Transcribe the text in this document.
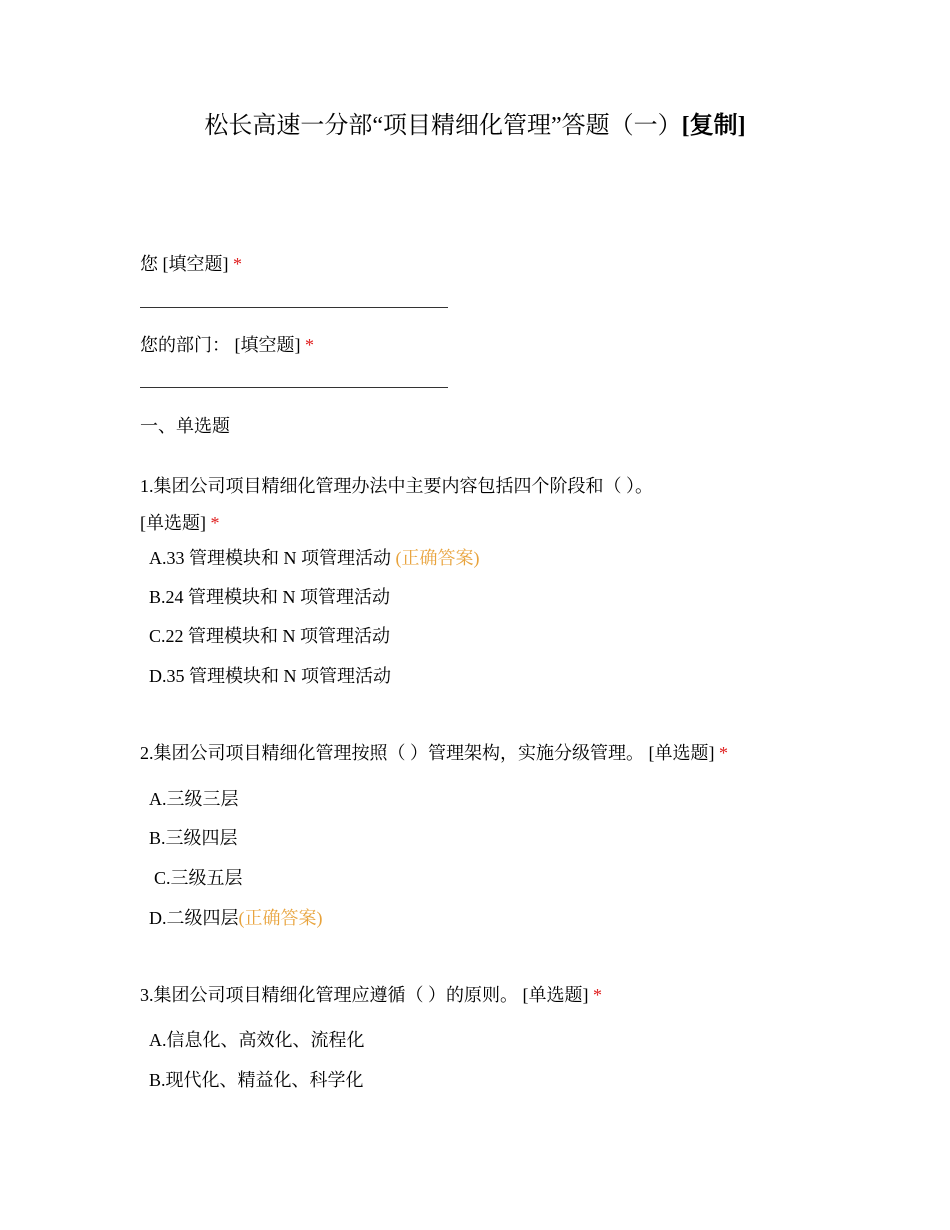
松长高速一分部“项目精细化管理”答题（一）[复制]
您 [填空题] *
您的部门： [填空题] *
一、单选题
1.集团公司项目精细化管理办法中主要内容包括四个阶段和（ ）。
[单选题] *
A.33 管理模块和 N 项管理活动 (正确答案)
B.24 管理模块和 N 项管理活动
C.22 管理模块和 N 项管理活动
D.35 管理模块和 N 项管理活动
2.集团公司项目精细化管理按照（ ）管理架构，实施分级管理。 [单选题] *
A.三级三层
B.三级四层
C.三级五层
D.二级四层(正确答案)
3.集团公司项目精细化管理应遵循（ ）的原则。 [单选题] *
A.信息化、高效化、流程化
B.现代化、精益化、科学化
